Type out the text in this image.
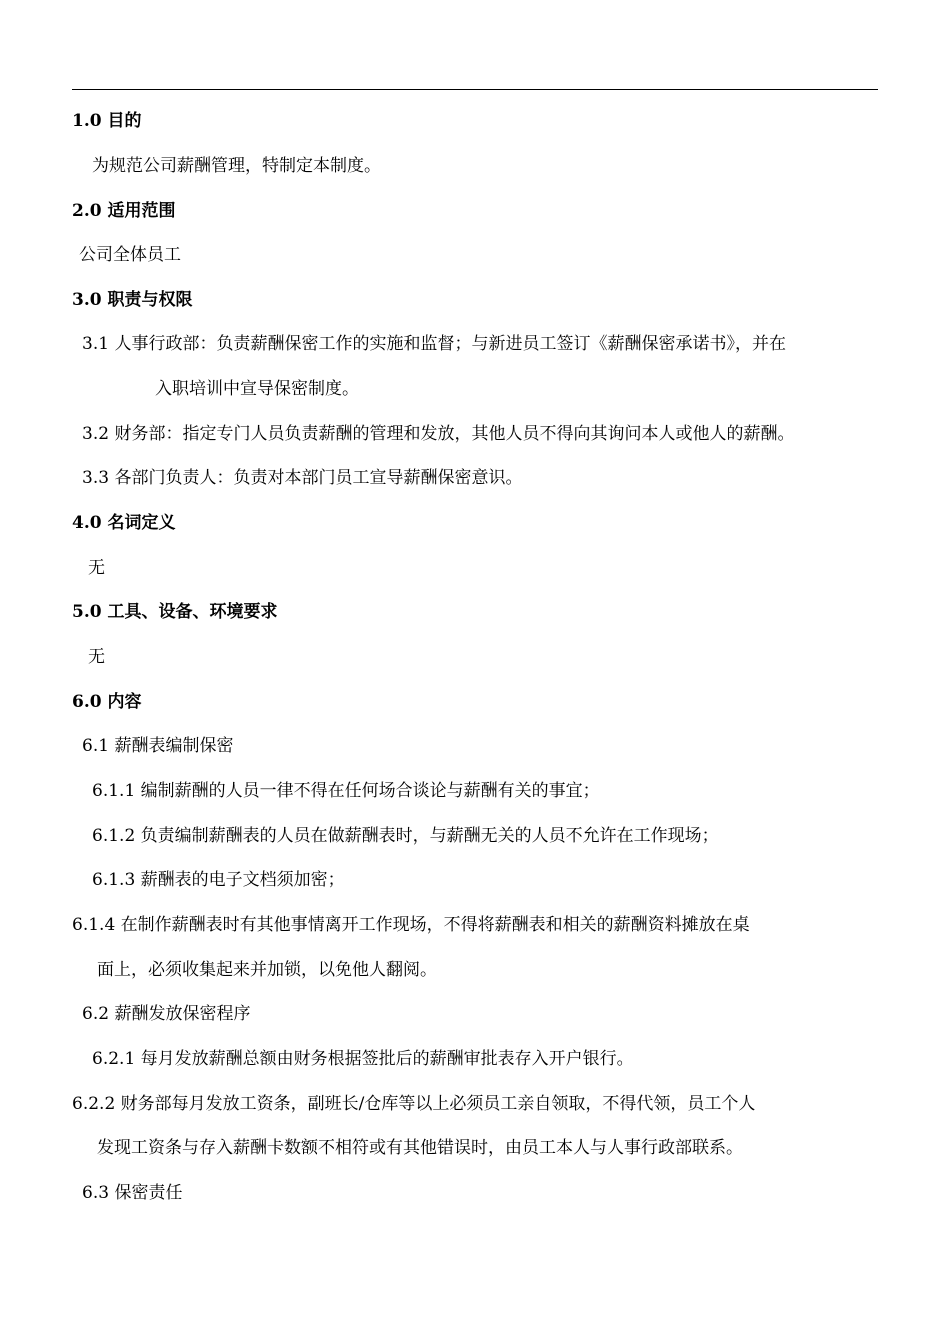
1.0 目的
为规范公司薪酬管理，特制定本制度。
2.0 适用范围
公司全体员工
3.0 职责与权限
3.1 人事行政部：负责薪酬保密工作的实施和监督；与新进员工签订《薪酬保密承诺书》，并在
入职培训中宣导保密制度。
3.2 财务部：指定专门人员负责薪酬的管理和发放，其他人员不得向其询问本人或他人的薪酬。
3.3 各部门负责人：负责对本部门员工宣导薪酬保密意识。
4.0 名词定义
无
5.0 工具、设备、环境要求
无
6.0 内容
6.1 薪酬表编制保密
6.1.1 编制薪酬的人员一律不得在任何场合谈论与薪酬有关的事宜；
6.1.2 负责编制薪酬表的人员在做薪酬表时，与薪酬无关的人员不允许在工作现场；
6.1.3 薪酬表的电子文档须加密；
6.1.4 在制作薪酬表时有其他事情离开工作现场，不得将薪酬表和相关的薪酬资料摊放在桌
面上，必须收集起来并加锁，以免他人翻阅。
6.2 薪酬发放保密程序
6.2.1 每月发放薪酬总额由财务根据签批后的薪酬审批表存入开户银行。
6.2.2 财务部每月发放工资条，副班长/仓库等以上必须员工亲自领取，不得代领，员工个人
发现工资条与存入薪酬卡数额不相符或有其他错误时，由员工本人与人事行政部联系。
6.3 保密责任
